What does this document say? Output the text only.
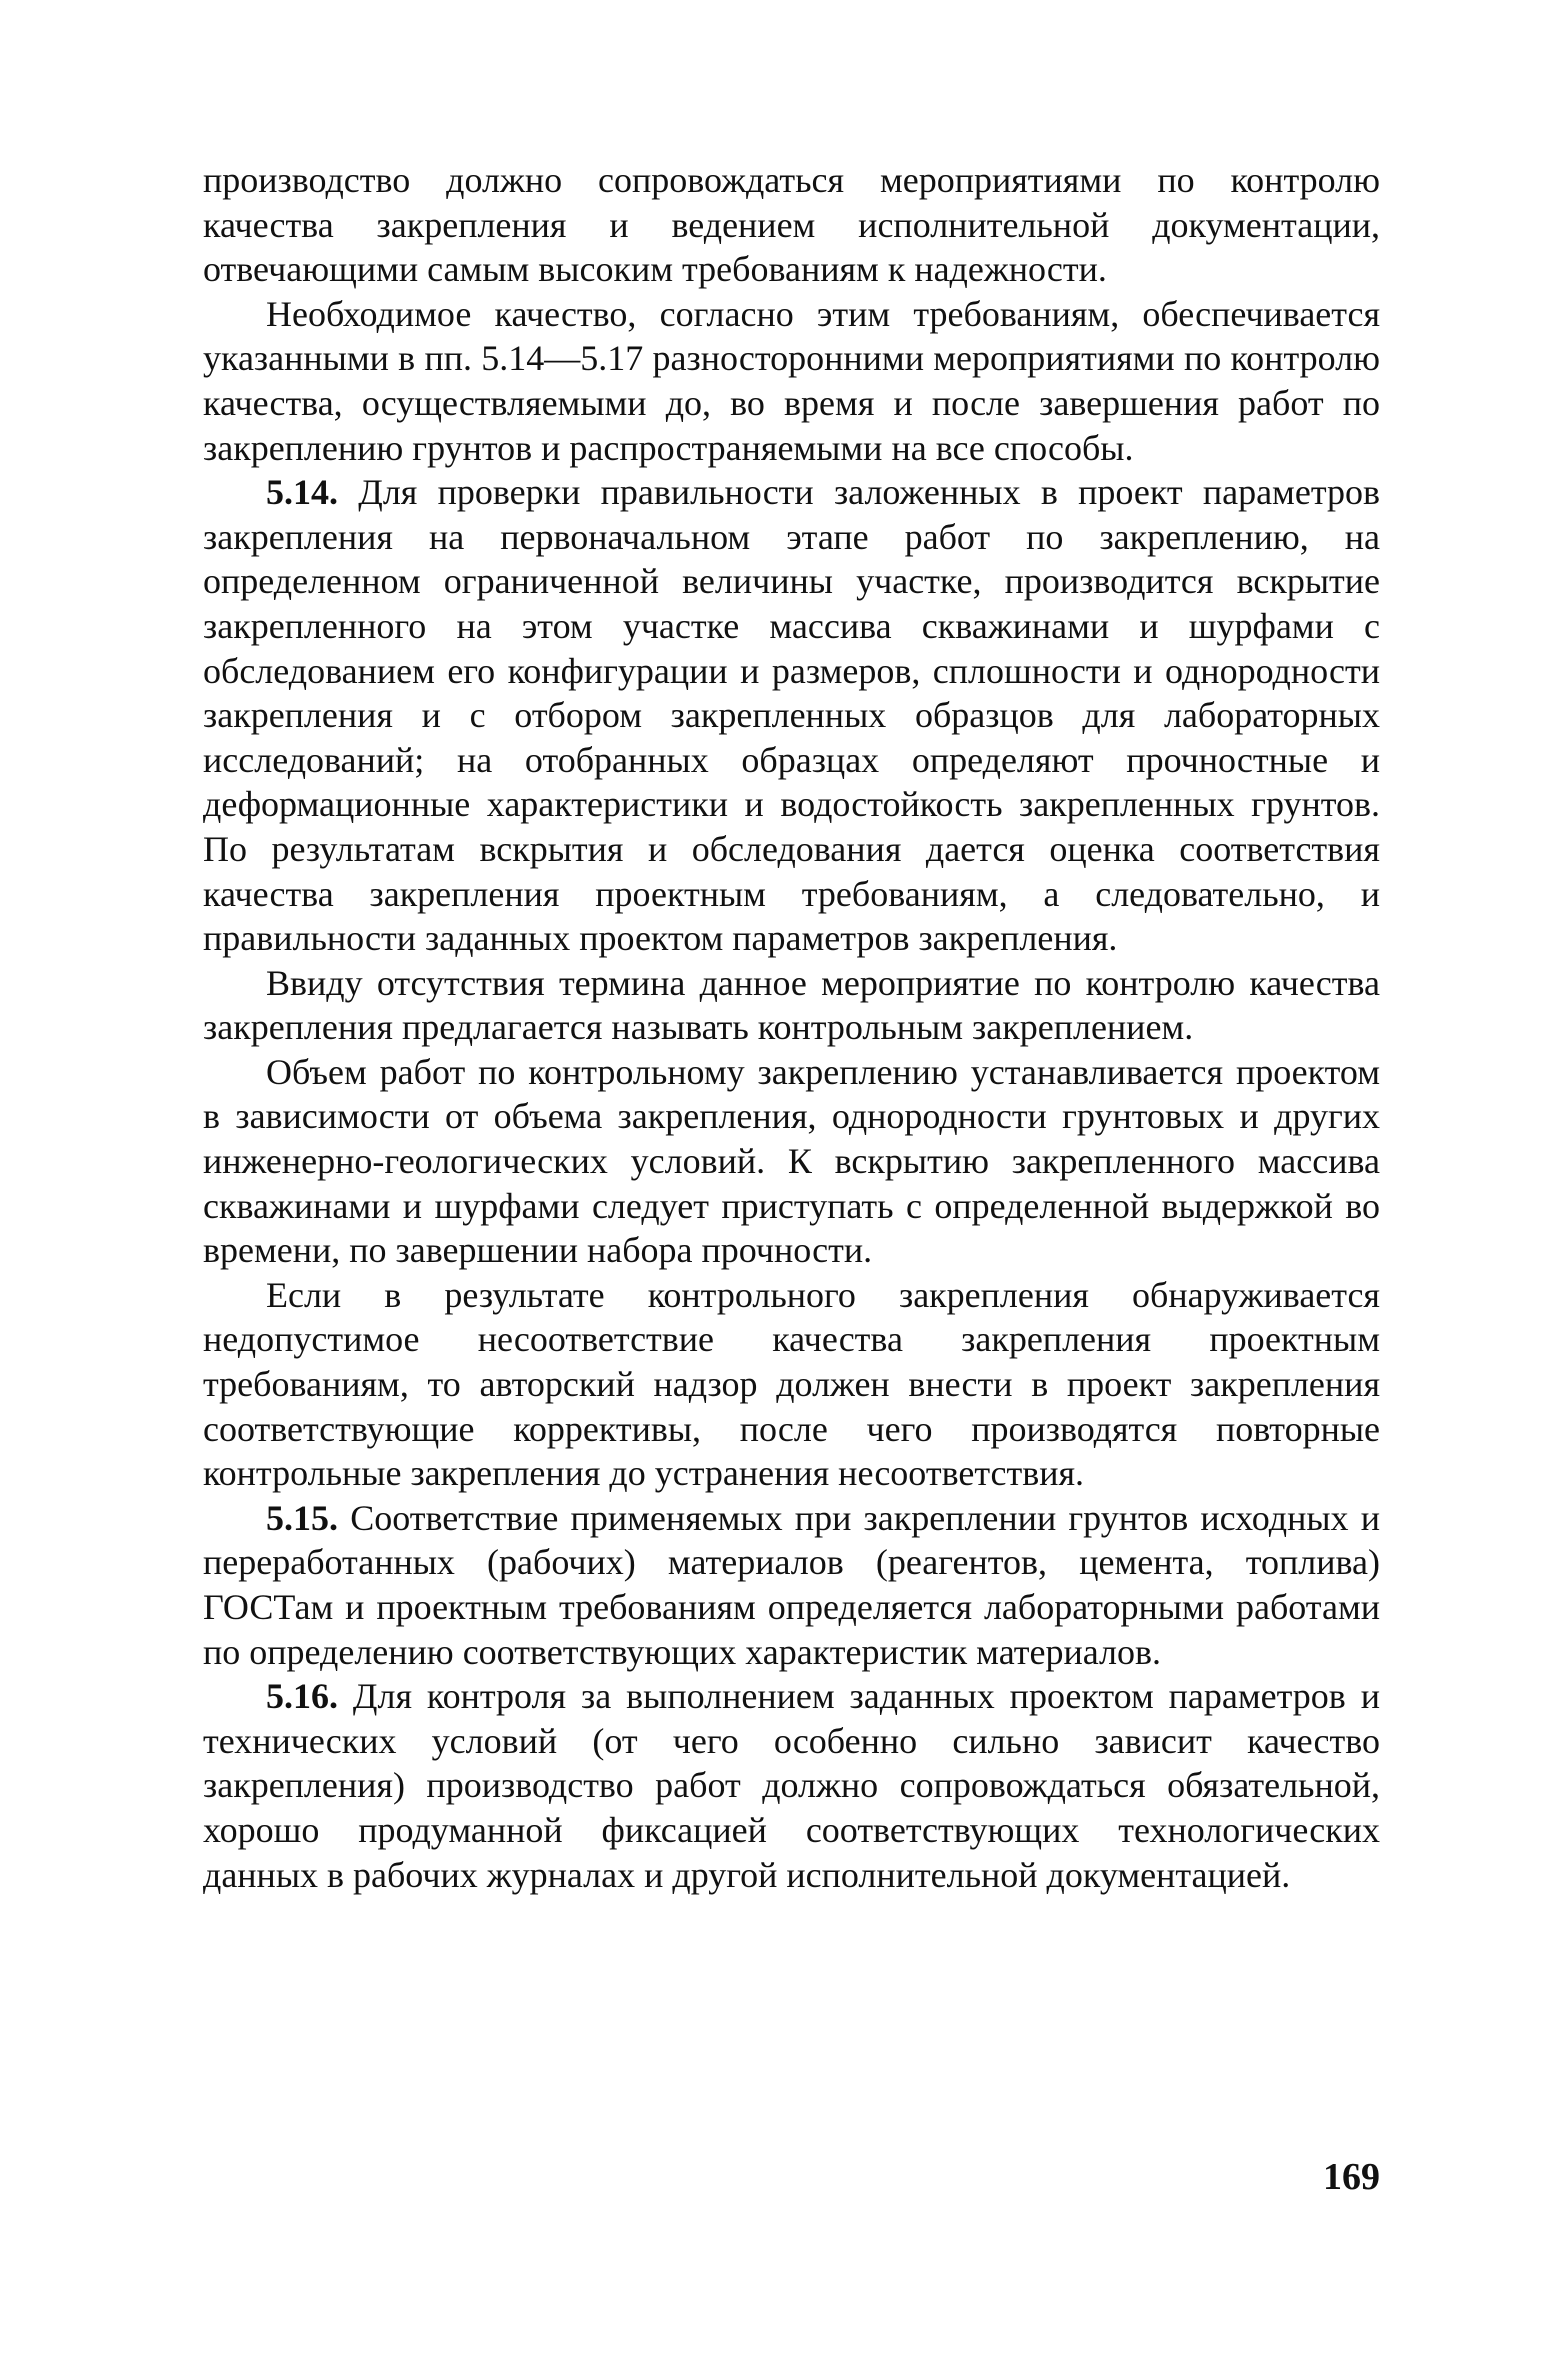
производство должно сопровождаться мероприятиями по контролю качества закрепления и ведением исполнительной документации, отвечающими самым высоким требованиям к надежности.

Необходимое качество, согласно этим требованиям, обеспечивается указанными в пп. 5.14—5.17 разносторонними мероприятиями по контролю качества, осуществляемыми до, во время и после завершения работ по закреплению грунтов и распространяемыми на все способы.

5.14. Для проверки правильности заложенных в проект параметров закрепления на первоначальном этапе работ по закреплению, на определенном ограниченной величины участке, производится вскрытие закрепленного на этом участке массива скважинами и шурфами с обследованием его конфигурации и размеров, сплошности и однородности закрепления и с отбором закрепленных образцов для лабораторных исследований; на отобранных образцах определяют прочностные и деформационные характеристики и водостойкость закрепленных грунтов. По результатам вскрытия и обследования дается оценка соответствия качества закрепления проектным требованиям, а следовательно, и правильности заданных проектом параметров закрепления.

Ввиду отсутствия термина данное мероприятие по контролю качества закрепления предлагается называть контрольным закреплением.

Объем работ по контрольному закреплению устанавливается проектом в зависимости от объема закрепления, однородности грунтовых и других инженерно-геологических условий. К вскрытию закрепленного массива скважинами и шурфами следует приступать с определенной выдержкой во времени, по завершении набора прочности.

Если в результате контрольного закрепления обнаруживается недопустимое несоответствие качества закрепления проектным требованиям, то авторский надзор должен внести в проект закрепления соответствующие коррективы, после чего производятся повторные контрольные закрепления до устранения несоответствия.

5.15. Соответствие применяемых при закреплении грунтов исходных и переработанных (рабочих) материалов (реагентов, цемента, топлива) ГОСТам и проектным требованиям определяется лабораторными работами по определению соответствующих характеристик материалов.

5.16. Для контроля за выполнением заданных проектом параметров и технических условий (от чего особенно сильно зависит качество закрепления) производство работ должно сопровождаться обязательной, хорошо продуманной фиксацией соответствующих технологических данных в рабочих журналах и другой исполнительной документацией.

169
